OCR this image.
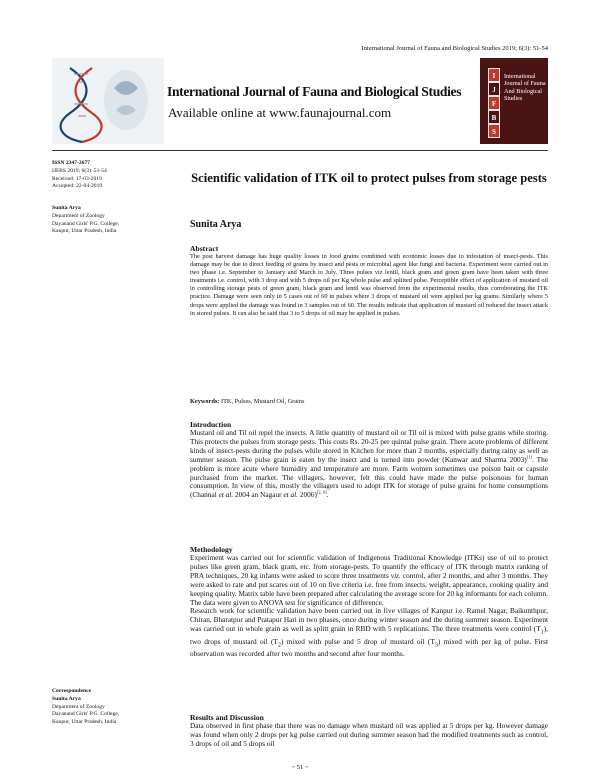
International Journal of Fauna and Biological Studies 2019; 6(3): 51-54
International Journal of Fauna and Biological Studies
Available online at www.faunajournal.com
I
J
F
B
S
International Journal of Fauna And Biological Studies
ISSN 2347-2677
IJFBS 2019; 6(3): 51-54
Received: 17-03-2019
Accepted: 22-04-2019
Sunita Arya
Department of Zoology
Dayanand Girls' P.G. College,
Kanpur, Uttar Pradesh, India
Correspondence
Sunita Arya
Department of Zoology
Dayanand Girls' P.G. College,
Kanpur, Uttar Pradesh, India
Scientific validation of ITK oil to protect pulses from storage pests
Sunita Arya
Abstract

The post harvest damage has huge quality losses in food grains combined with economic losses due to infestation of insect-pests. This damage may be due to direct feeding of grains by insect and pests or microbial agent like fungi and bacteria. Experiment were carried out in two phase i.e. September to January and March to July. Three pulses viz lentil, black gram and green gram have been taken with three treatments i.e. control, with 3 drop and with 5 drops oil per Kg whole pulse and splitted pulse. Perceptible effect of application of mustard oil in controlling storage pests of green gram, black gram and lentil was observed from the experimental results, thus corroborating the ITK practice. Damage were seen only in 5 cases out of 60 in pulses where 3 drops of mustard oil were applied per kg grains. Similarly where 5 drops were applied the damage was found in 3 samples out of 60. The results indicate that application of mustard oil reduced the insect attack in stored pulses. It can also be said that 3 to 5 drops of oil may be applied in pulses.

Keywords: ITK, Pulses, Mustard Oil, Grains
Introduction

Mustard oil and Til oil repel the insects. A little quantity of mustard oil or Til oil is mixed with pulse grains while storing. This protects the pulses from storage pests. This costs Rs. 20-25 per quintal pulse grain. There acute problems of different kinds of insect-pests during the pulses while stored in Kitchen for more than 2 months, especially during rainy as well as summer season. The pulse grain is eaten by the insect and is turned into powder (Kanwar and Sharma 2003)[1]. The problem is more acute where humidity and temperature are more. Farm women sometimes use poison bait or capsule purchased from the market. The villagers, however, felt this could have made the pulse poisonous for human consumption. In view of this, mostly the villagers used to adopt ITK for storage of pulse grains for home consumptions (Channal et al. 2004 an Nagaur et al. 2006)[2, 6].

Methodology

Experiment was carried out for scientific validation of Indigenous Traditional Knowledge (ITKs) use of oil to protect pulses like green gram, black gram, etc. from storage-pests. To quantify the efficacy of ITK through matrix ranking of PRA techniques, 20 kg infants were asked to score three treatments viz. control, after 2 months, and after 3 months. They were asked to rate and put scares out of 10 on five criteria i.e. free from insects, weight, appearance, cooking quality and keeping quality. Matrix table have been prepared after calculating the average score for 20 kg informants for each column. The data were given to ANOVA test for significance of difference.

Research work for scientific validation have been carried out in five villages of Kanpur i.e. Ramel Nagar, Baikunthpur, Chiran, Bharatpur and Pratapur Hari in two phases, once during winter season and the during summer season. Experiment was carried out in whole grain as well as splitt grain in RBD with 5 replications. The three treatments were control $(T_1)$, two drops of mustard oil $(T_2)$ mixed with pulse and 5 drop of mustard oil $(T_3)$ mixed with per kg of pulse. First observation was recorded after two months and second after four months.

Results and Discussion

Data observed in first phase that there was no damage when mustard oil was applied at 5 drops per kg. However damage was found when only 2 drops per kg pulse carried out during summer season had the modified treatments such as control, 3 drops of oil and 5 drops oil

~ 51 ~
